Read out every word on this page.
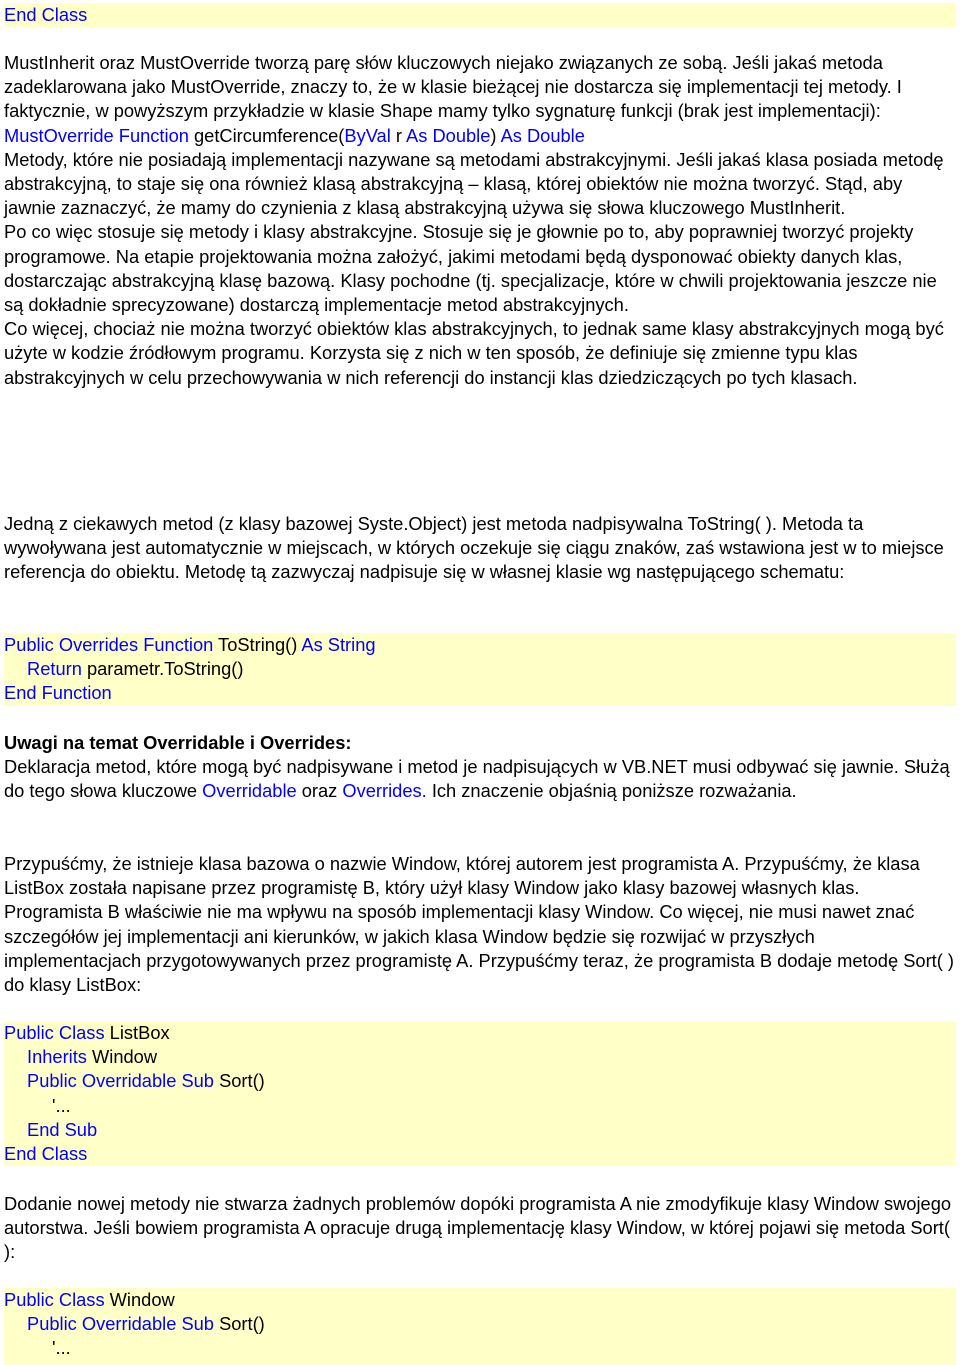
End Class

MustInherit oraz MustOverride tworzą parę słów kluczowych niejako związanych ze sobą. Jeśli jakaś metoda zadeklarowana jako MustOverride, znaczy to, że w klasie bieżącej nie dostarcza się implementacji tej metody. I faktycznie, w powyższym przykładzie w klasie Shape mamy tylko sygnaturę funkcji (brak jest implementacji):

MustOverride Function getCircumference(ByVal r As Double) As Double

Metody, które nie posiadają implementacji nazywane są metodami abstrakcyjnymi. Jeśli jakaś klasa posiada metodę abstrakcyjną, to staje się ona również klasą abstrakcyjną – klasą, której obiektów nie można tworzyć. Stąd, aby jawnie zaznaczyć, że mamy do czynienia z klasą abstrakcyjną używa się słowa kluczowego MustInherit.

Po co więc stosuje się metody i klasy abstrakcyjne. Stosuje się je głownie po to, aby poprawniej tworzyć projekty programowe. Na etapie projektowania można założyć, jakimi metodami będą dysponować obiekty danych klas, dostarczając abstrakcyjną klasę bazową. Klasy pochodne (tj. specjalizacje, które w chwili projektowania jeszcze nie są dokładnie sprecyzowane) dostarczą implementacje metod abstrakcyjnych.

Co więcej, chociaż nie można tworzyć obiektów klas abstrakcyjnych, to jednak same klasy abstrakcyjnych mogą być użyte w kodzie źródłowym programu. Korzysta się z nich w ten sposób, że definiuje się zmienne typu klas abstrakcyjnych w celu przechowywania w nich referencji do instancji klas dziedziczących po tych klasach.

Jedną z ciekawych metod (z klasy bazowej Syste.Object) jest metoda nadpisywalna ToString( ). Metoda ta wywoływana jest automatycznie w miejscach, w których oczekuje się ciągu znaków, zaś wstawiona jest w to miejsce referencja do obiektu. Metodę tą zazwyczaj nadpisuje się w własnej klasie wg następującego schematu:

Public Overrides Function ToString() As String
Return parametr.ToString()
End Function

Uwagi na temat Overridable i Overrides:

Deklaracja metod, które mogą być nadpisywane i metod je nadpisujących w VB.NET musi odbywać się jawnie. Służą do tego słowa kluczowe Overridable oraz Overrides. Ich znaczenie objaśnią poniższe rozważania.

Przypuśćmy, że istnieje klasa bazowa o nazwie Window, której autorem jest programista A. Przypuśćmy, że klasa ListBox została napisane przez programistę B, który użył klasy Window jako klasy bazowej własnych klas. Programista B właściwie nie ma wpływu na sposób implementacji klasy Window. Co więcej, nie musi nawet znać szczegółów jej implementacji ani kierunków, w jakich klasa Window będzie się rozwijać w przyszłych implementacjach przygotowywanych przez programistę A. Przypuśćmy teraz, że programista B dodaje metodę Sort( ) do klasy ListBox:

Public Class ListBox
Inherits Window
Public Overridable Sub Sort()
'...
End Sub
End Class

Dodanie nowej metody nie stwarza żadnych problemów dopóki programista A nie zmodyfikuje klasy Window swojego autorstwa. Jeśli bowiem programista A opracuje drugą implementację klasy Window, w której pojawi się metoda Sort( ):

Public Class Window
Public Overridable Sub Sort()
'...
